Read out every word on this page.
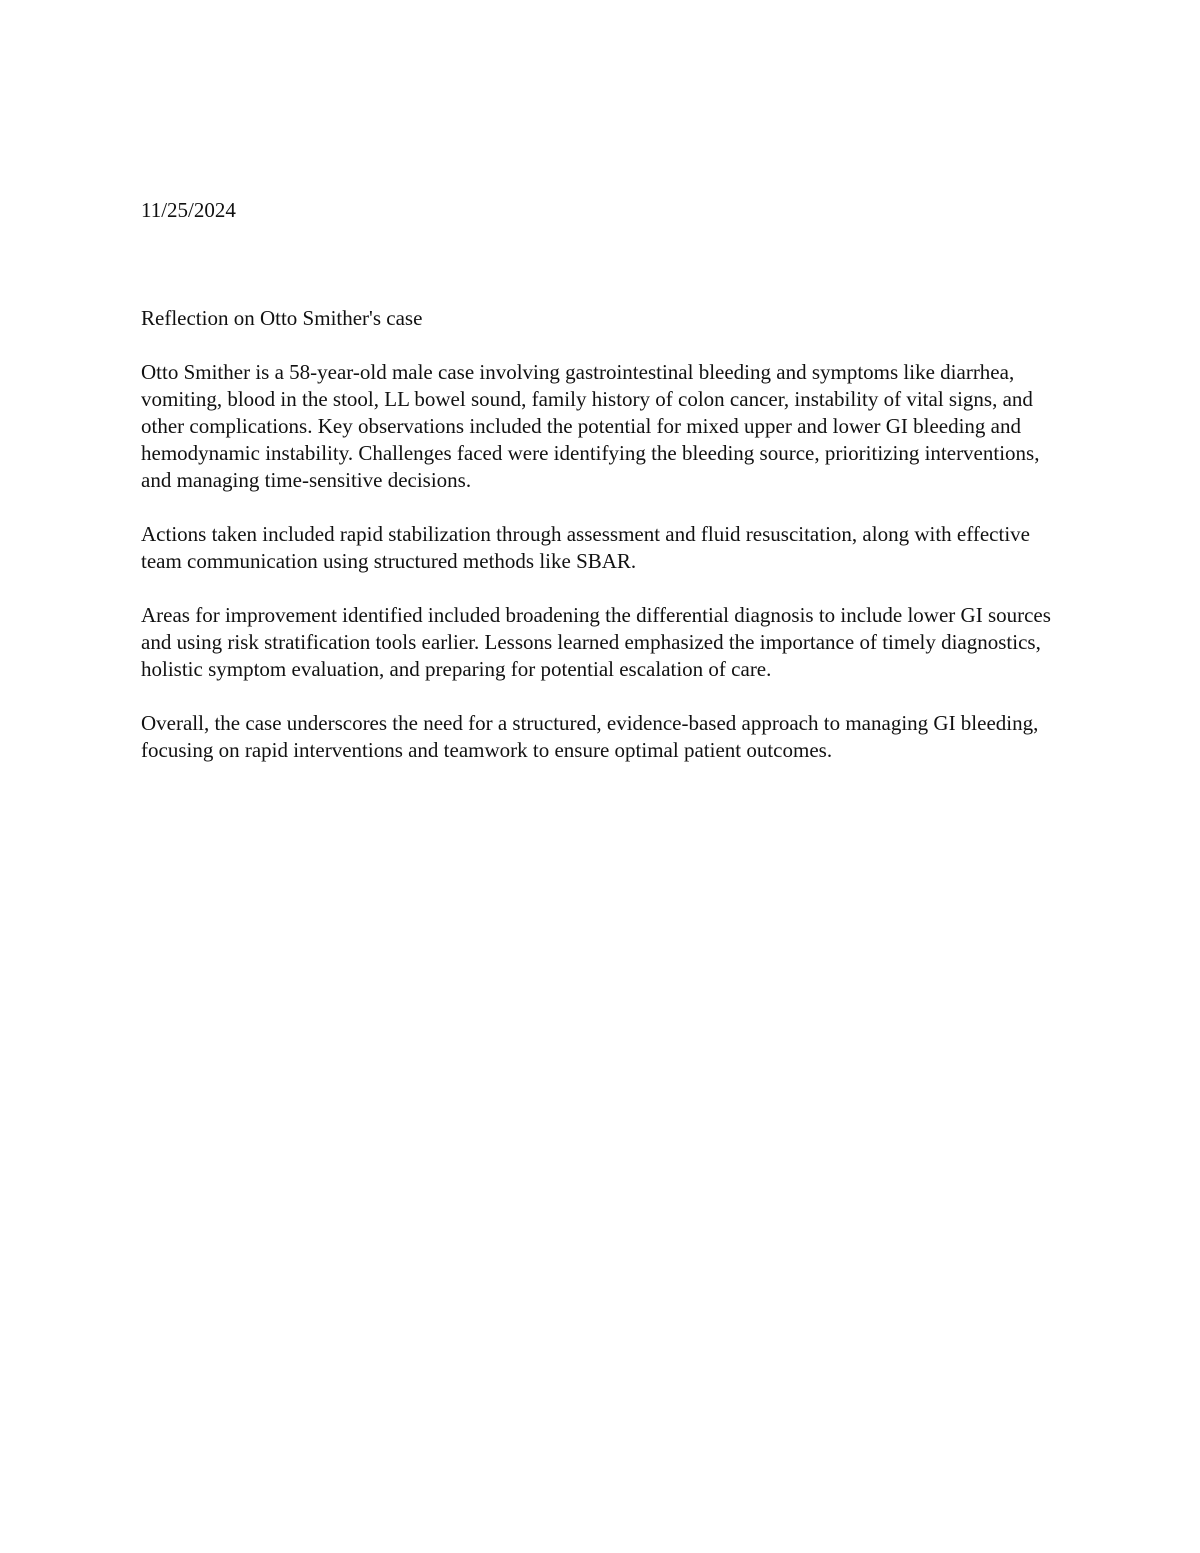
11/25/2024

Reflection on Otto Smither's case

Otto Smither is a 58-year-old male case involving gastrointestinal bleeding and symptoms like diarrhea, vomiting, blood in the stool, LL bowel sound, family history of colon cancer, instability of vital signs, and other complications. Key observations included the potential for mixed upper and lower GI bleeding and hemodynamic instability. Challenges faced were identifying the bleeding source, prioritizing interventions, and managing time-sensitive decisions.

Actions taken included rapid stabilization through assessment and fluid resuscitation, along with effective team communication using structured methods like SBAR.

Areas for improvement identified included broadening the differential diagnosis to include lower GI sources and using risk stratification tools earlier. Lessons learned emphasized the importance of timely diagnostics, holistic symptom evaluation, and preparing for potential escalation of care.

Overall, the case underscores the need for a structured, evidence-based approach to managing GI bleeding, focusing on rapid interventions and teamwork to ensure optimal patient outcomes.
